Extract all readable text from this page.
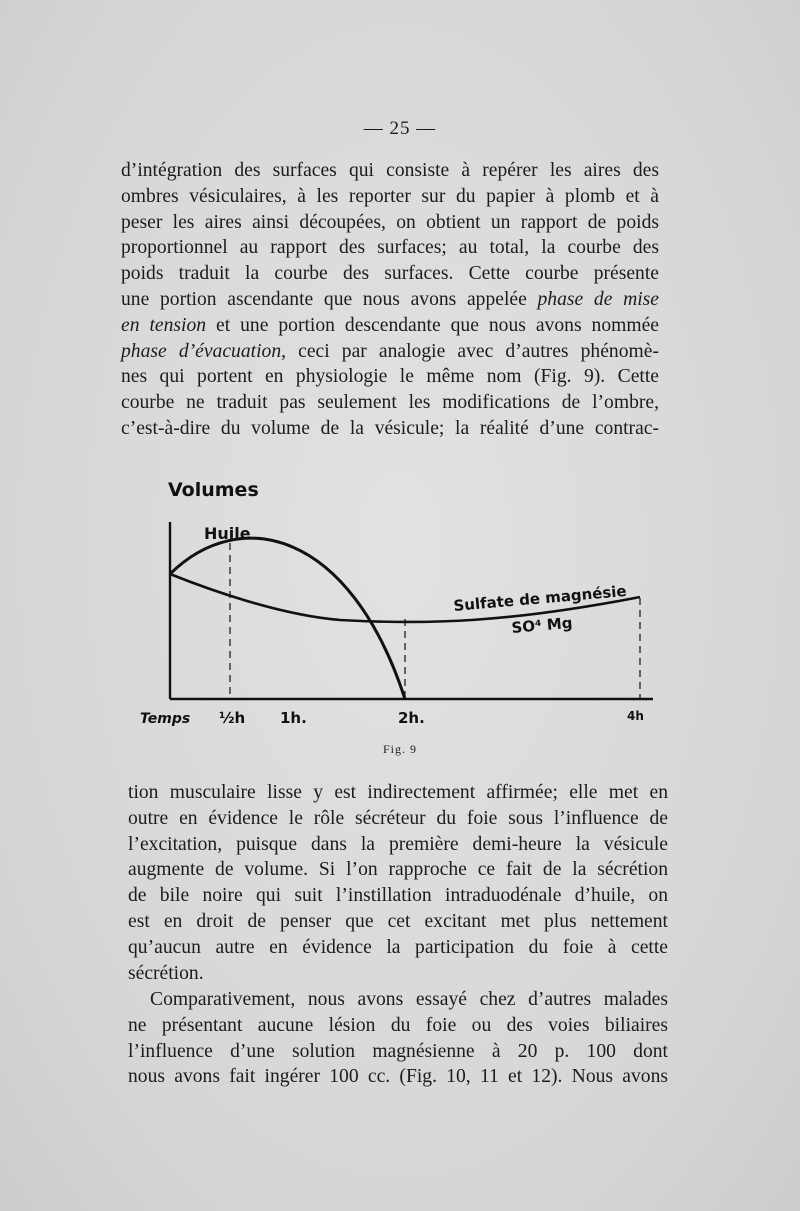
— 25 —

d’intégration des surfaces qui consiste à repérer les aires des
ombres vésiculaires, à les reporter sur du papier à plomb et à
peser les aires ainsi découpées, on obtient un rapport de poids
proportionnel au rapport des surfaces; au total, la courbe des
poids traduit la courbe des surfaces. Cette courbe présente
une portion ascendante que nous avons appelée phase de mise
en tension et une portion descendante que nous avons nommée
phase d’évacuation, ceci par analogie avec d’autres phénomè-
nes qui portent en physiologie le même nom (Fig. 9). Cette
courbe ne traduit pas seulement les modifications de l’ombre,
c’est-à-dire du volume de la vésicule; la réalité d’une contrac-

Volumes
Huile
Sulfate de magnésie
SO⁴ Mg
Temps ½h 1h.	2h.	4h
Fig. 9

tion musculaire lisse y est indirectement affirmée; elle met en
outre en évidence le rôle sécréteur du foie sous l’influence de
l’excitation, puisque dans la première demi-heure la vésicule
augmente de volume. Si l’on rapproche ce fait de la sécrétion
de bile noire qui suit l’instillation intraduodénale d’huile, on
est en droit de penser que cet excitant met plus nettement
qu’aucun autre en évidence la participation du foie à cette
sécrétion.

Comparativement, nous avons essayé chez d’autres malades
ne présentant aucune lésion du foie ou des voies biliaires
l’influence d’une solution magnésienne à 20 p. 100 dont
nous avons fait ingérer 100 cc. (Fig. 10, 11 et 12). Nous avons
